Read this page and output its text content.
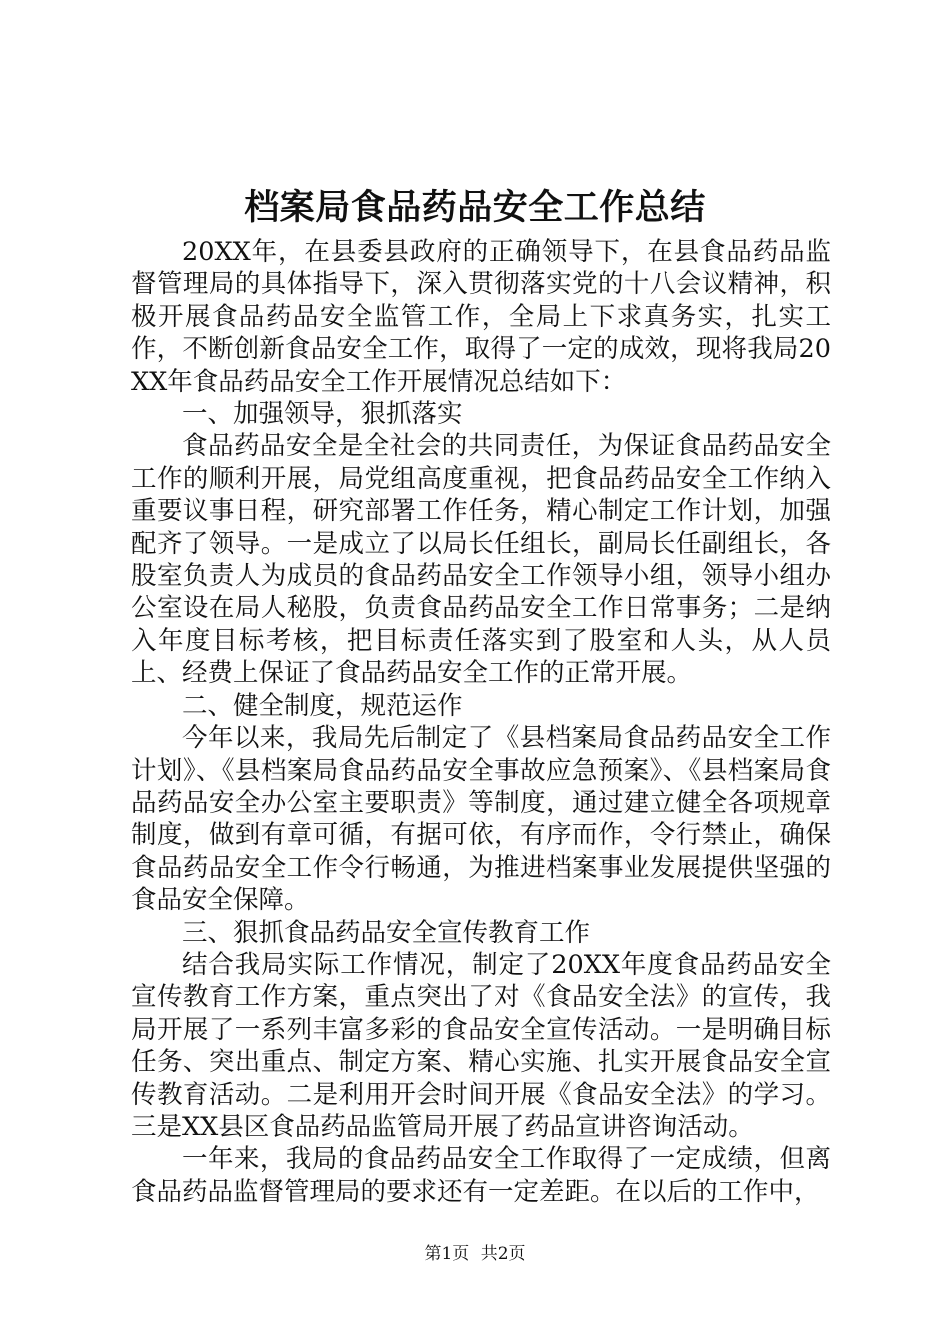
档案局食品药品安全工作总结

20XX年，在县委县政府的正确领导下，在县食品药品监督管理局的具体指导下，深入贯彻落实党的十八会议精神，积极开展食品药品安全监管工作，全局上下求真务实，扎实工作，不断创新食品安全工作，取得了一定的成效，现将我局20XX年食品药品安全工作开展情况总结如下：

一、加强领导，狠抓落实

食品药品安全是全社会的共同责任，为保证食品药品安全工作的顺利开展，局党组高度重视，把食品药品安全工作纳入重要议事日程，研究部署工作任务，精心制定工作计划，加强配齐了领导。一是成立了以局长任组长，副局长任副组长，各股室负责人为成员的食品药品安全工作领导小组，领导小组办公室设在局人秘股，负责食品药品安全工作日常事务；二是纳入年度目标考核，把目标责任落实到了股室和人头，从人员上、经费上保证了食品药品安全工作的正常开展。

二、健全制度，规范运作

今年以来，我局先后制定了《县档案局食品药品安全工作计划》、《县档案局食品药品安全事故应急预案》、《县档案局食品药品安全办公室主要职责》等制度，通过建立健全各项规章制度，做到有章可循，有据可依，有序而作，令行禁止，确保食品药品安全工作令行畅通，为推进档案事业发展提供坚强的食品安全保障。

三、狠抓食品药品安全宣传教育工作

结合我局实际工作情况，制定了20XX年度食品药品安全宣传教育工作方案，重点突出了对《食品安全法》的宣传，我局开展了一系列丰富多彩的食品安全宣传活动。一是明确目标任务、突出重点、制定方案、精心实施、扎实开展食品安全宣传教育活动。二是利用开会时间开展《食品安全法》的学习。三是XX县区食品药品监管局开展了药品宣讲咨询活动。

一年来，我局的食品药品安全工作取得了一定成绩，但离食品药品监督管理局的要求还有一定差距。在以后的工作中，

第1页 共2页
